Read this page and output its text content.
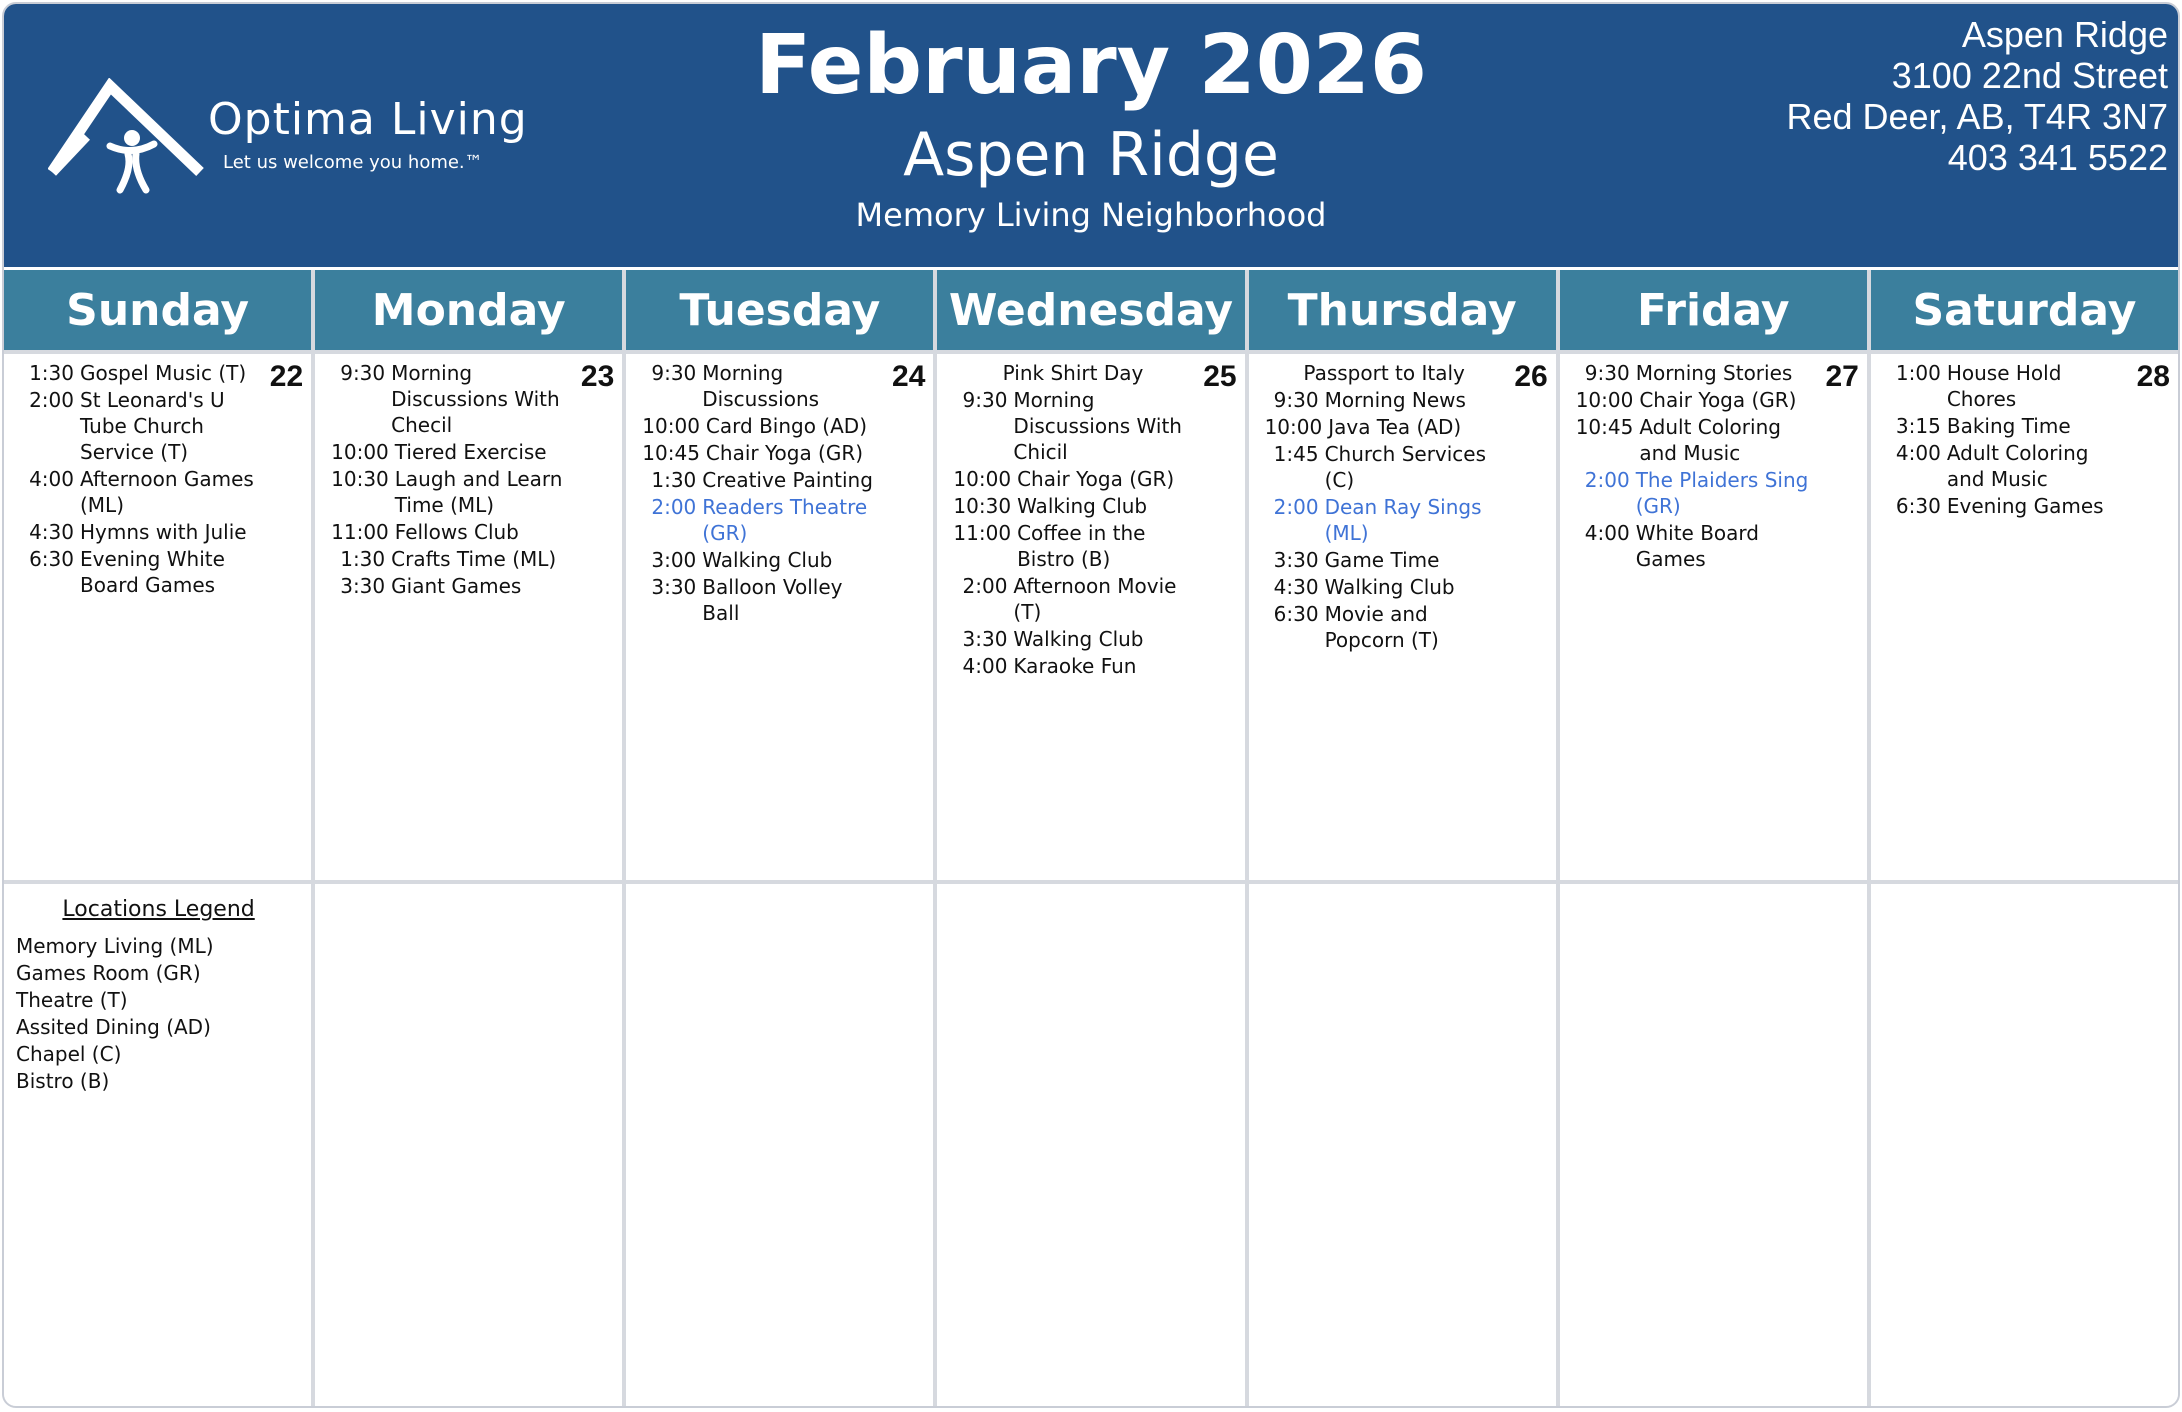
Optima Living
Let us welcome you home.™
February 2026
Aspen Ridge
Memory Living Neighborhood
Aspen Ridge
3100 22nd Street
Red Deer, AB, T4R 3N7
403 341 5522
Sunday	Monday	Tuesday	Wednesday	Thursday	Friday	Saturday
22
1:30 Gospel Music (T)
2:00 St Leonard's U Tube Church Service (T)
4:00 Afternoon Games (ML)
4:30 Hymns with Julie
6:30 Evening White Board Games
23
9:30 Morning Discussions With Checil
10:00 Tiered Exercise
10:30 Laugh and Learn Time (ML)
11:00 Fellows Club
1:30 Crafts Time (ML)
3:30 Giant Games
24
9:30 Morning Discussions
10:00 Card Bingo (AD)
10:45 Chair Yoga (GR)
1:30 Creative Painting
2:00 Readers Theatre (GR)
3:00 Walking Club
3:30 Balloon Volley Ball
25
Pink Shirt Day
9:30 Morning Discussions With Chicil
10:00 Chair Yoga (GR)
10:30 Walking Club
11:00 Coffee in the Bistro (B)
2:00 Afternoon Movie (T)
3:30 Walking Club
4:00 Karaoke Fun
26
Passport to Italy
9:30 Morning News
10:00 Java Tea (AD)
1:45 Church Services (C)
2:00 Dean Ray Sings (ML)
3:30 Game Time
4:30 Walking Club
6:30 Movie and Popcorn (T)
27
9:30 Morning Stories
10:00 Chair Yoga (GR)
10:45 Adult Coloring and Music
2:00 The Plaiders Sing (GR)
4:00 White Board Games
28
1:00 House Hold Chores
3:15 Baking Time
4:00 Adult Coloring and Music
6:30 Evening Games
Locations Legend
Memory Living (ML)
Games Room (GR)
Theatre (T)
Assited Dining (AD)
Chapel (C)
Bistro (B)
